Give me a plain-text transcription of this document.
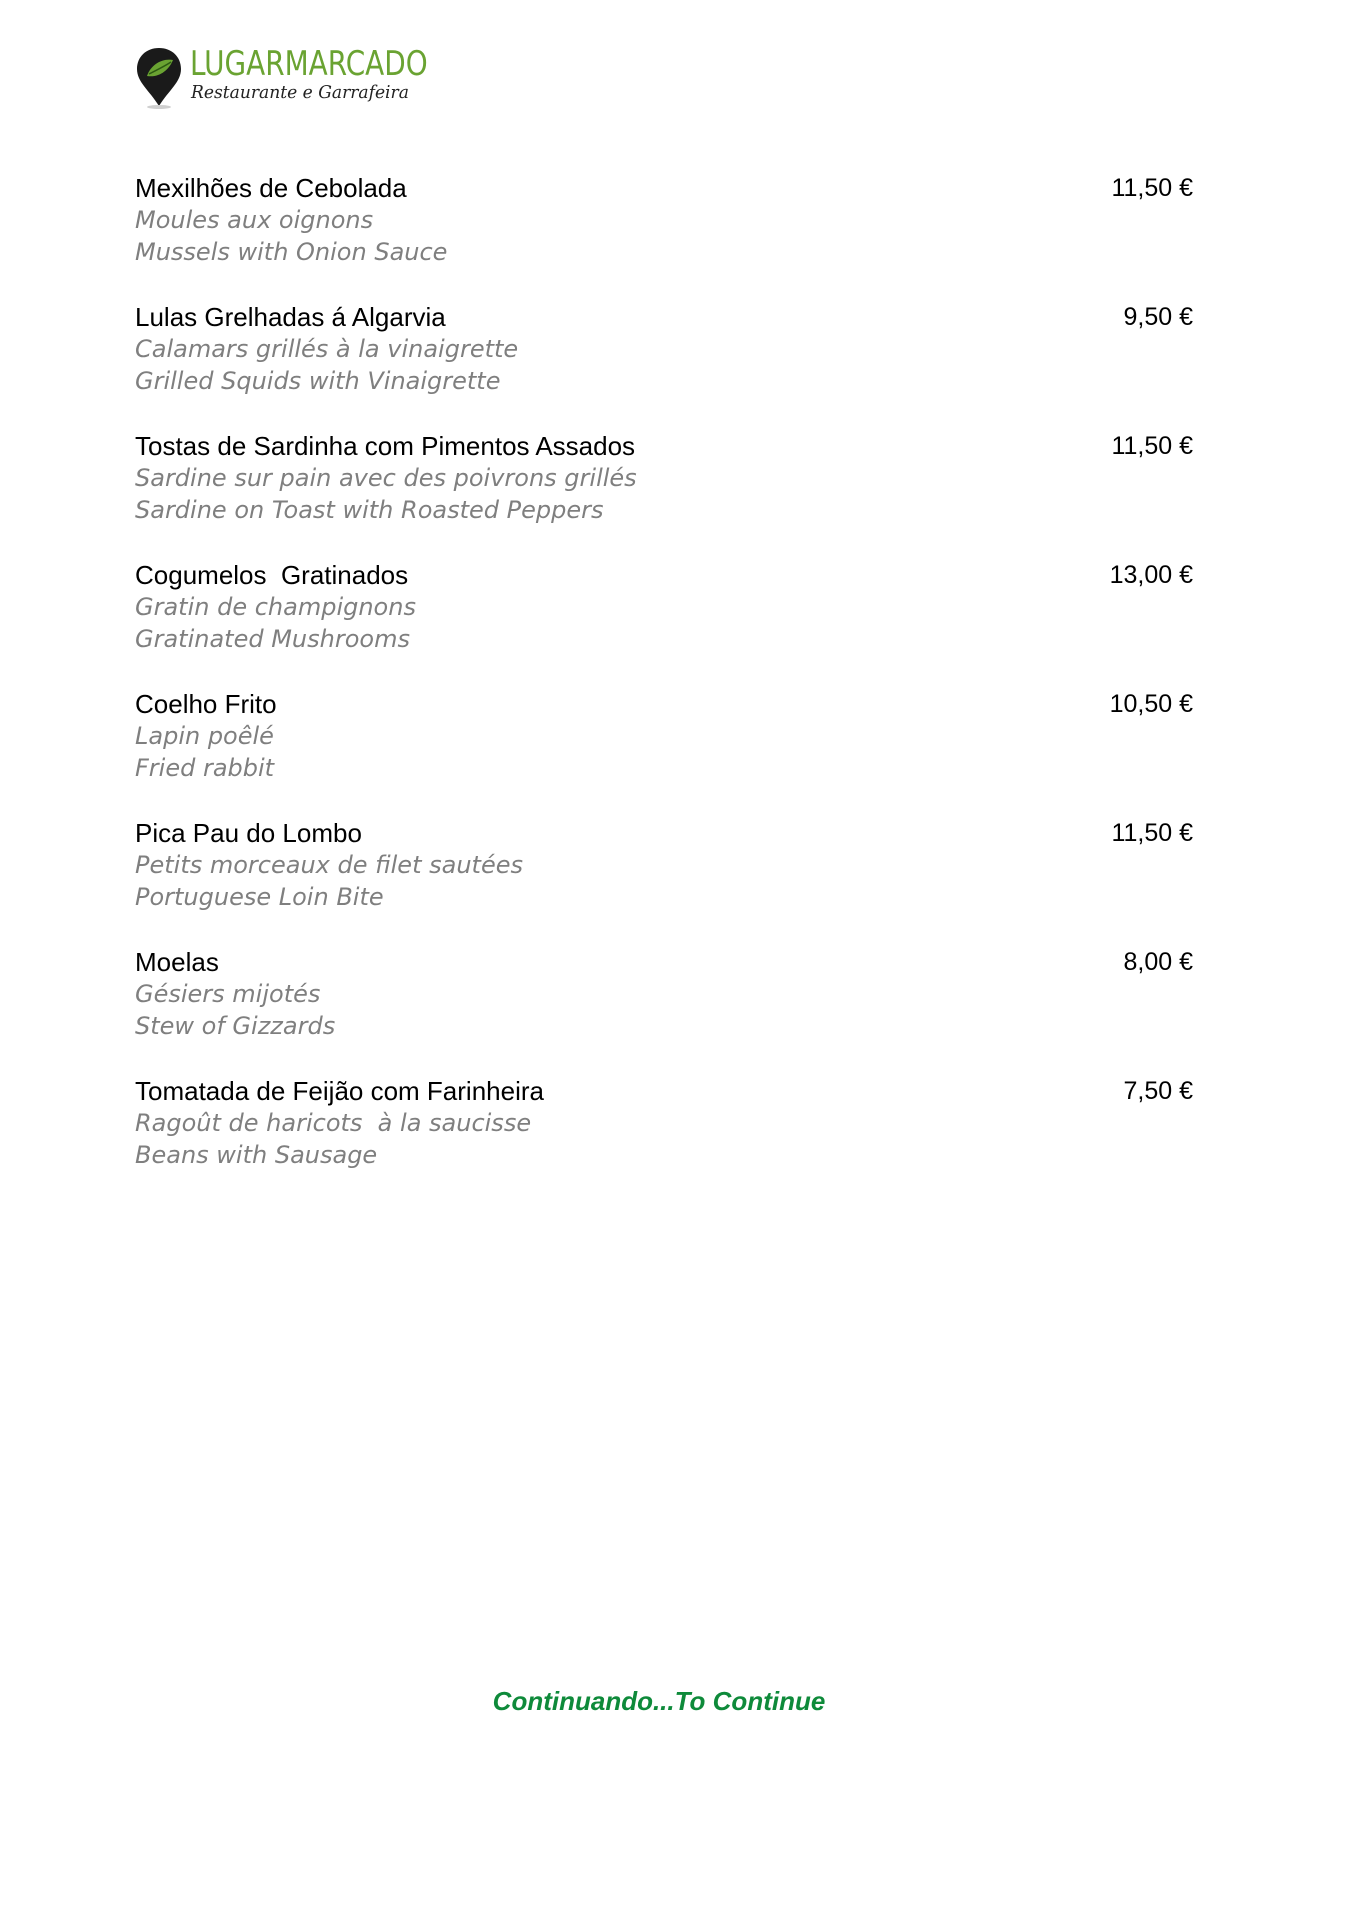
LUGARMARCADO
Restaurante e Garrafeira
Mexilhões de Cebolada
Moules aux oignons
Mussels with Onion Sauce
11,50 €
Lulas Grelhadas á Algarvia
Calamars grillés à la vinaigrette
Grilled Squids with Vinaigrette
9,50 €
Tostas de Sardinha com Pimentos Assados
Sardine sur pain avec des poivrons grillés
Sardine on Toast with Roasted Peppers
11,50 €
Cogumelos  Gratinados
Gratin de champignons
Gratinated Mushrooms
13,00 €
Coelho Frito
Lapin poêlé
Fried rabbit
10,50 €
Pica Pau do Lombo
Petits morceaux de filet sautées
Portuguese Loin Bite
11,50 €
Moelas
Gésiers mijotés
Stew of Gizzards
8,00 €
Tomatada de Feijão com Farinheira
Ragoût de haricots  à la saucisse
Beans with Sausage
7,50 €
Continuando...To Continue
